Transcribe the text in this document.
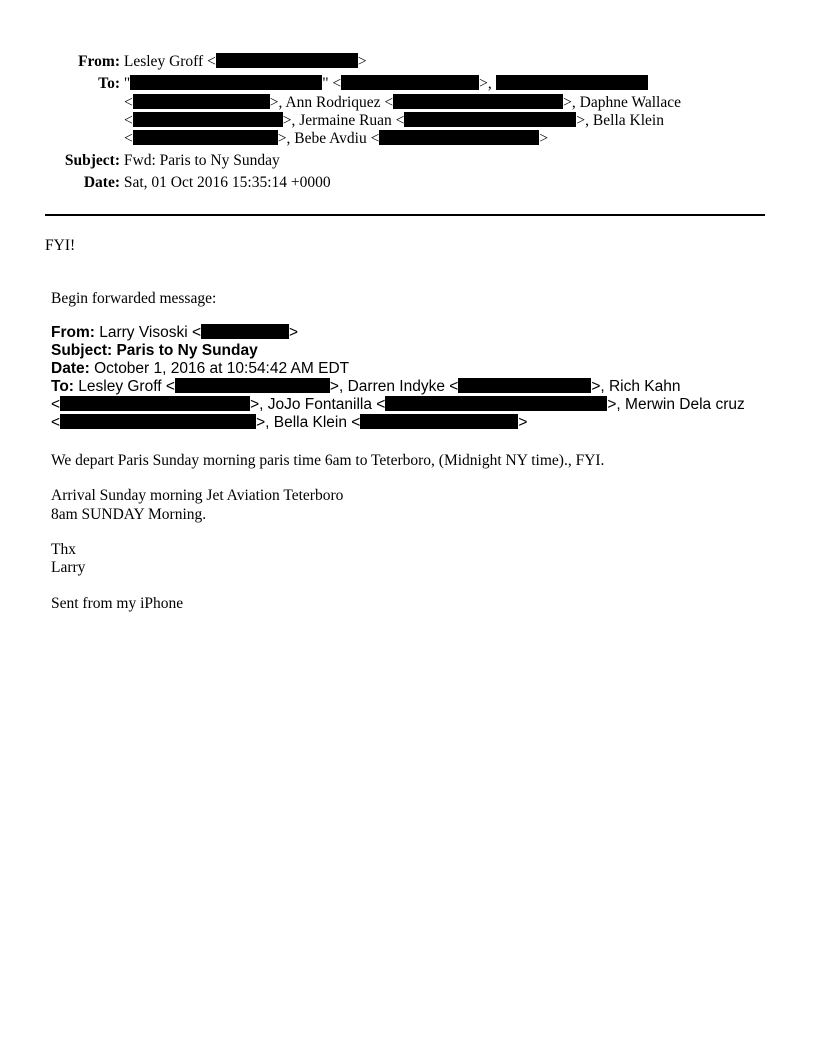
From: Lesley Groff <	>
To: "	" <	>,
<	>, Ann Rodriquez <	>, Daphne Wallace
<	>, Jermaine Ruan <	>, Bella Klein
<	>, Bebe Avdiu <	>
Subject: Fwd: Paris to Ny Sunday
Date: Sat, 01 Oct 2016 15:35:14 +0000
FYI!
Begin forwarded message:
From: Larry Visoski <	>
Subject: Paris to Ny Sunday
Date: October 1, 2016 at 10:54:42 AM EDT
To: Lesley Groff <	>, Darren Indyke <	>, Rich Kahn
<	>, JoJo Fontanilla <	>, Merwin Dela cruz
<	>, Bella Klein <	>
We depart Paris Sunday morning paris time 6am to Teterboro, (Midnight NY time)., FYI.
Arrival Sunday morning Jet Aviation Teterboro
8am SUNDAY Morning.
Thx
Larry
Sent from my iPhone
